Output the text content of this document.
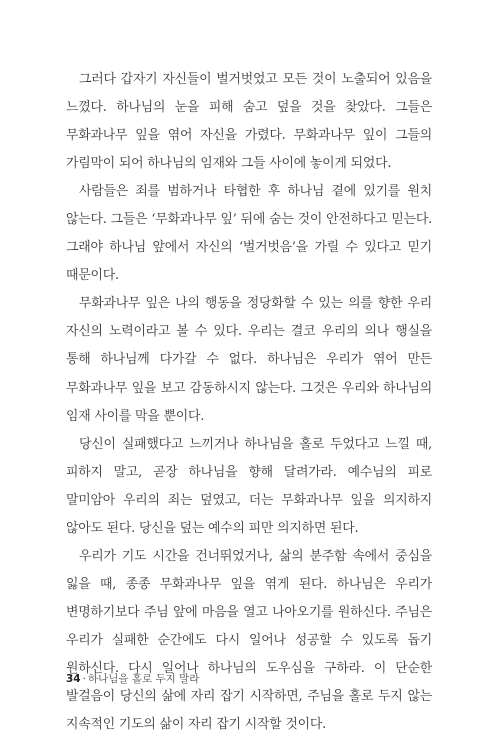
그러다 갑자기 자신들이 벌거벗었고 모든 것이 노출되어 있음을 느꼈다. 하나님의 눈을 피해 숨고 덮을 것을 찾았다. 그들은 무화과나무 잎을 엮어 자신을 가렸다. 무화과나무 잎이 그들의 가림막이 되어 하나님의 임재와 그들 사이에 놓이게 되었다.

사람들은 죄를 범하거나 타협한 후 하나님 곁에 있기를 원치 않는다. 그들은 ‘무화과나무 잎’ 뒤에 숨는 것이 안전하다고 믿는다. 그래야 하나님 앞에서 자신의 ‘벌거벗음’을 가릴 수 있다고 믿기 때문이다.

무화과나무 잎은 나의 행동을 정당화할 수 있는 의를 향한 우리 자신의 노력이라고 볼 수 있다. 우리는 결코 우리의 의나 행실을 통해 하나님께 다가갈 수 없다. 하나님은 우리가 엮어 만든 무화과나무 잎을 보고 감동하시지 않는다. 그것은 우리와 하나님의 임재 사이를 막을 뿐이다.

당신이 실패했다고 느끼거나 하나님을 홀로 두었다고 느낄 때, 피하지 말고, 곧장 하나님을 향해 달려가라. 예수님의 피로 말미암아 우리의 죄는 덮였고, 더는 무화과나무 잎을 의지하지 않아도 된다. 당신을 덮는 예수의 피만 의지하면 된다.

우리가 기도 시간을 건너뛰었거나, 삶의 분주함 속에서 중심을 잃을 때, 종종 무화과나무 잎을 엮게 된다. 하나님은 우리가 변명하기보다 주님 앞에 마음을 열고 나아오기를 원하신다. 주님은 우리가 실패한 순간에도 다시 일어나 성공할 수 있도록 돕기 원하신다. 다시 일어나 하나님의 도우심을 구하라. 이 단순한 발걸음이 당신의 삶에 자리 잡기 시작하면, 주님을 홀로 두지 않는 지속적인 기도의 삶이 자리 잡기 시작할 것이다.

34 · 하나님을 홀로 두지 말라
